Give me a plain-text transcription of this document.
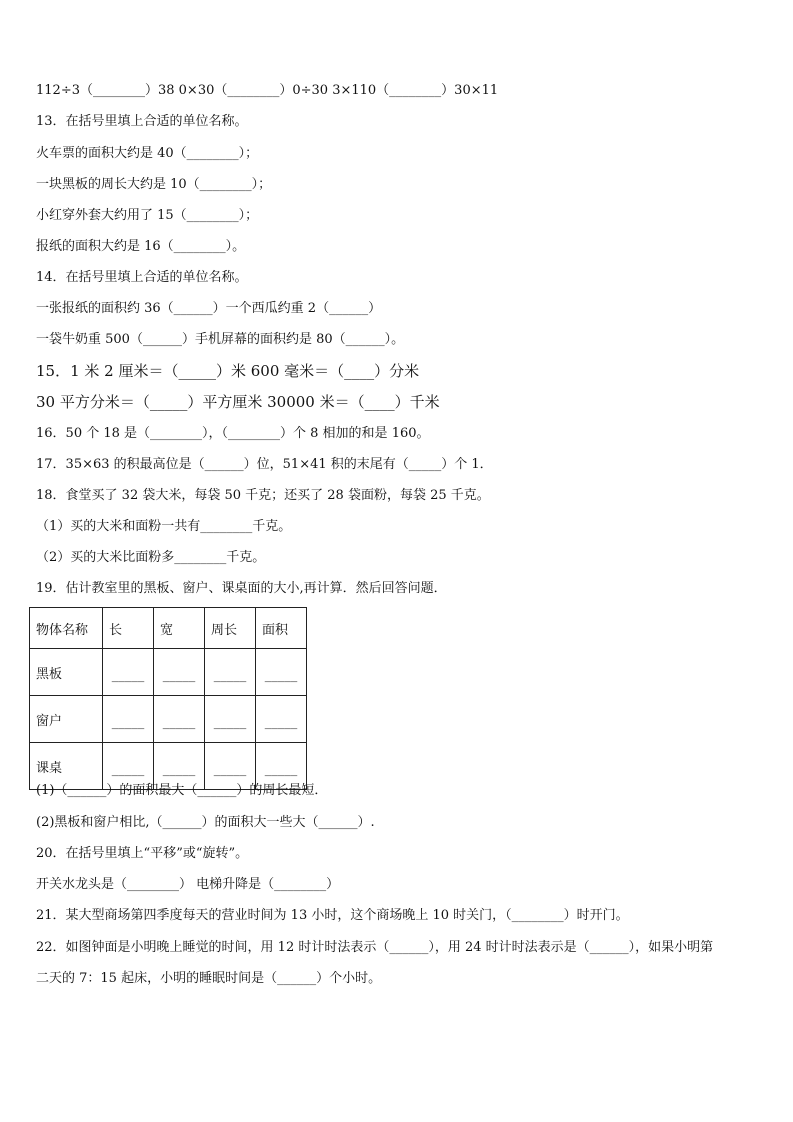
112÷3（________）38 0×30（________）0÷30 3×110（________）30×11
13．在括号里填上合适的单位名称。
火车票的面积大约是 40（________）；
一块黑板的周长大约是 10（________）；
小红穿外套大约用了 15（________）；
报纸的面积大约是 16（________）。
14．在括号里填上合适的单位名称。
一张报纸的面积约 36（______）一个西瓜约重 2（______）
一袋牛奶重 500（______）手机屏幕的面积约是 80（______）。
15．1 米 2 厘米＝（_____）米 600 毫米＝（____）分米
30 平方分米＝（_____）平方厘米 30000 米＝（____）千米
16．50 个 18 是（________），（________）个 8 相加的和是 160。
17．35×63 的积最高位是（______）位，51×41 积的末尾有（_____）个 1．
18．食堂买了 32 袋大米，每袋 50 千克；还买了 28 袋面粉，每袋 25 千克。
（1）买的大米和面粉一共有________千克。
（2）买的大米比面粉多________千克。
19．估计教室里的黑板、窗户、课桌面的大小,再计算．然后回答问题．
物体名称	长	宽	周长	面积
黑板	_____	_____	_____	_____
窗户	_____	_____	_____	_____
课桌	_____	_____	_____	_____
(1)（______）的面积最大（______）的周长最短．
(2)黑板和窗户相比,（______）的面积大一些大（______）.
20．在括号里填上“平移”或“旋转”。
开关水龙头是（________） 电梯升降是（________）
21．某大型商场第四季度每天的营业时间为 13 小时，这个商场晚上 10 时关门，（________）时开门。
22．如图钟面是小明晚上睡觉的时间，用 12 时计时法表示（______），用 24 时计时法表示是（______），如果小明第
二天的 7：15 起床，小明的睡眠时间是（______）个小时。
